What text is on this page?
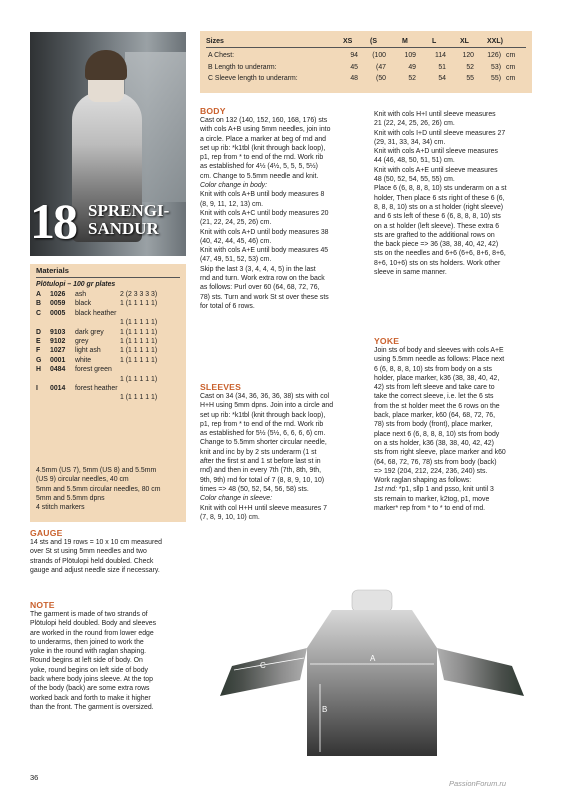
18 SPRENGI-
SANDUR
Materials
Plötulopi – 100 gr plates
A 1026 ash	2 (2 3 3 3 3)
B 0059 black	1 (1 1 1 1 1)
C 0005 black heather
1 (1 1 1 1 1)
D 9103 dark grey 1 (1 1 1 1 1)
E 9102 grey	1 (1 1 1 1 1)
F 1027 light ash	1 (1 1 1 1 1)
G 0001 white	1 (1 1 1 1 1)
H 0484 forest green
1 (1 1 1 1 1)
I 0014 forest heather
1 (1 1 1 1 1)
4.5mm (US 7), 5mm (US 8) and 5.5mm
(US 9) circular needles, 40 cm
5mm and 5.5mm circular needles, 80 cm
5mm and 5.5mm dpns
4 stitch markers
GAUGE
14 sts and 19 rows = 10 x 10 cm measured
over St st using 5mm needles and two
strands of Plötulopi held doubled. Check
gauge and adjust needle size if necessary.
NOTE
The garment is made of two strands of
Plötulopi held doubled. Body and sleeves
are worked in the round from lower edge
to underarms, then joined to work the
yoke in the round with raglan shaping.
Round begins at left side of body. On
yoke, round begins on left side of body
back where body joins sleeve. At the top
of the body (back) are some extra rows
worked back and forth to make it higher
than the front. The garment is oversized.
Sizes	XS	(S	M	L	XL	XXL)
A Chest:	94	(100	109	114	120	126) cm
B Length to underarm:	45	(47	49	51	52	53) cm
C Sleeve length to underarm:	48	(50	52	54	55	55) cm
BODY
Cast on 132 (140, 152, 160, 168, 176) sts
with cols A+B using 5mm needles, join into
a circle. Place a marker at beg of rnd and
set up rib: *k1tbl (knit through back loop),
p1, rep from * to end of the rnd. Work rib
as established for 4½ (4½, 5, 5, 5, 5½)
cm. Change to 5.5mm needle and knit.
Color change in body:
Knit with cols A+B until body measures 8
(8, 9, 11, 12, 13) cm.
Knit with cols A+C until body measures 20
(21, 22, 24, 25, 26) cm.
Knit with cols A+D until body measures 38
(40, 42, 44, 45, 46) cm.
Knit with cols A+E until body measures 45
(47, 49, 51, 52, 53) cm.
Skip the last 3 (3, 4, 4, 4, 5) in the last
rnd and turn. Work extra row on the back
as follows: Purl over 60 (64, 68, 72, 76,
78) sts. Turn and work St st over these sts
for total of 6 rows.
SLEEVES
Cast on 34 (34, 36, 36, 36, 38) sts with col
H+H using 5mm dpns. Join into a circle and
set up rib: *k1tbl (knit through back loop),
p1, rep from * to end of the rnd. Work rib
as established for 5½ (5½, 6, 6, 6, 6) cm.
Change to 5.5mm shorter circular needle,
knit and inc by by 2 sts underarm (1 st
after the first st and 1 st before last st in
rnd) and then in every 7th (7th, 8th, 9th,
9th, 9th) rnd for total of 7 (8, 8, 9, 10, 10)
times => 48 (50, 52, 54, 56, 58) sts.
Color change in sleeve:
Knit with col H+H until sleeve measures 7
(7, 8, 9, 10, 10) cm.
Knit with cols H+I until sleeve measures
21 (22, 24, 25, 26, 26) cm.
Knit with cols I+D until sleeve measures 27
(29, 31, 33, 34, 34) cm.
Knit with cols A+D until sleeve measures
44 (46, 48, 50, 51, 51) cm.
Knit with cols A+E until sleeve measures
48 (50, 52, 54, 55, 55) cm.
Place 6 (6, 8, 8, 8, 10) sts underarm on a st
holder, Then place 6 sts right of these 6 (6,
8, 8, 8, 10) sts on a st holder (right sleeve)
and 6 sts left of these 6 (6, 8, 8, 8, 10) sts
on a st holder (left sleeve). These extra 6
sts are grafted to the additional rows on
the back piece => 36 (38, 38, 40, 42, 42)
sts on the needles and 6+6 (6+6, 8+6, 8+6,
8+6, 10+6) sts on sts holders. Work other
sleeve in same manner.
YOKE
Join sts of body and sleeves with cols A+E
using 5.5mm needle as follows: Place next
6 (6, 8, 8, 8, 10) sts from body on a sts
holder, place marker, k36 (38, 38, 40, 42,
42) sts from left sleeve and take care to
take the correct sleeve, i.e. let the 6 sts
from the st holder meet the 6 rows on the
back, place marker, k60 (64, 68, 72, 76,
78) sts from body (front), place marker,
place next 6 (6, 8, 8, 8, 10) sts from body
on a sts holder, k36 (38, 38, 40, 42, 42)
sts from right sleeve, place marker and k60
(64, 68, 72, 76, 78) sts from body (back)
=> 192 (204, 212, 224, 236, 240) sts.
Work raglan shaping as follows:
1st rnd: *p1, sllp 1 and psso, knit until 3
sts remain to marker, k2tog, p1, move
marker* rep from * to * to end of rnd.
A
B
C
36
PassionForum.ru
